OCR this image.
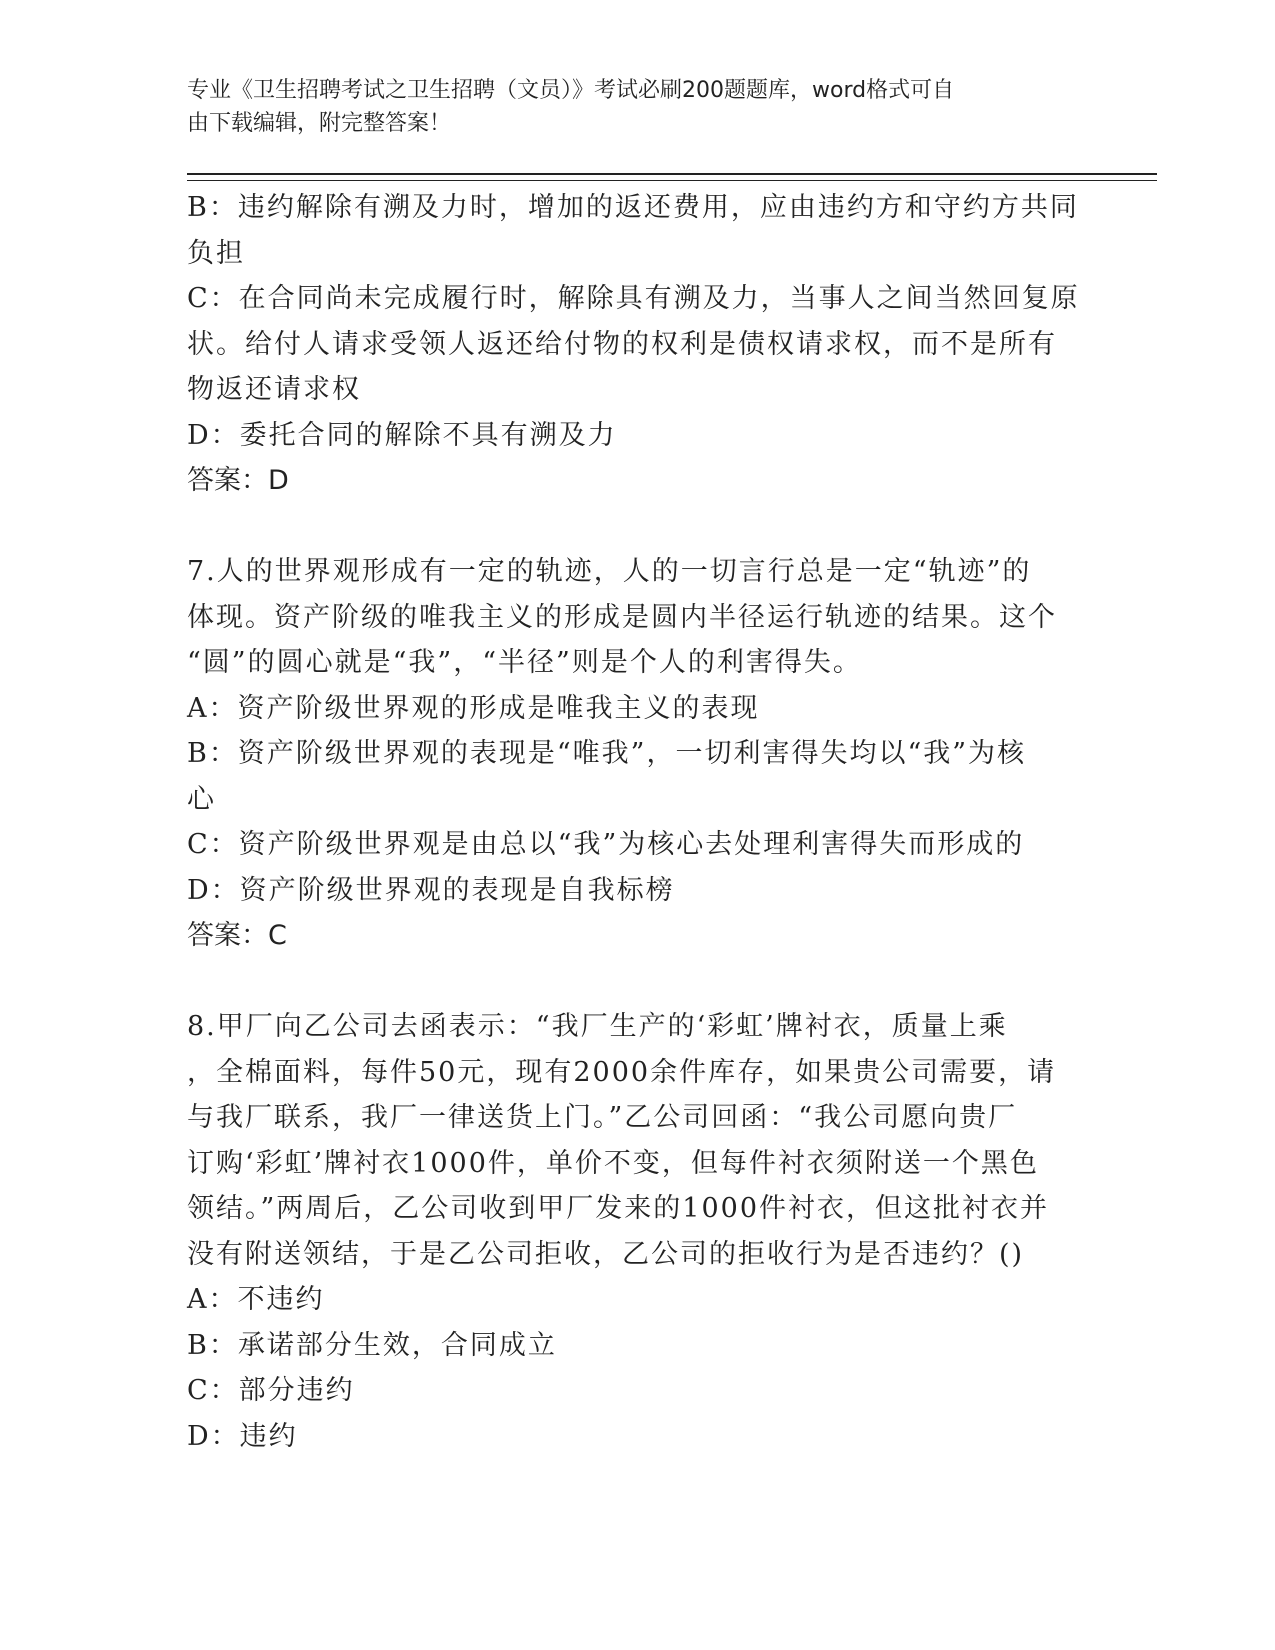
专业《卫生招聘考试之卫生招聘（文员）》考试必刷200题题库，word格式可自
由下载编辑，附完整答案！

B：违约解除有溯及力时，增加的返还费用，应由违约方和守约方共同

负担

C：在合同尚未完成履行时，解除具有溯及力，当事人之间当然回复原

状。给付人请求受领人返还给付物的权利是债权请求权，而不是所有

物返还请求权

D：委托合同的解除不具有溯及力

答案：D

7.人的世界观形成有一定的轨迹，人的一切言行总是一定“轨迹”的

体现。资产阶级的唯我主义的形成是圆内半径运行轨迹的结果。这个

“圆”的圆心就是“我”，“半径”则是个人的利害得失。

A：资产阶级世界观的形成是唯我主义的表现

B：资产阶级世界观的表现是“唯我”，一切利害得失均以“我”为核

心

C：资产阶级世界观是由总以“我”为核心去处理利害得失而形成的

D：资产阶级世界观的表现是自我标榜

答案：C

8.甲厂向乙公司去函表示：“我厂生产的‘彩虹’牌衬衣，质量上乘

，全棉面料，每件50元，现有2000余件库存，如果贵公司需要，请

与我厂联系，我厂一律送货上门。”乙公司回函：“我公司愿向贵厂

订购‘彩虹’牌衬衣1000件，单价不变，但每件衬衣须附送一个黑色

领结。”两周后，乙公司收到甲厂发来的1000件衬衣，但这批衬衣并

没有附送领结，于是乙公司拒收，乙公司的拒收行为是否违约？()

A：不违约

B：承诺部分生效，合同成立

C：部分违约

D：违约
